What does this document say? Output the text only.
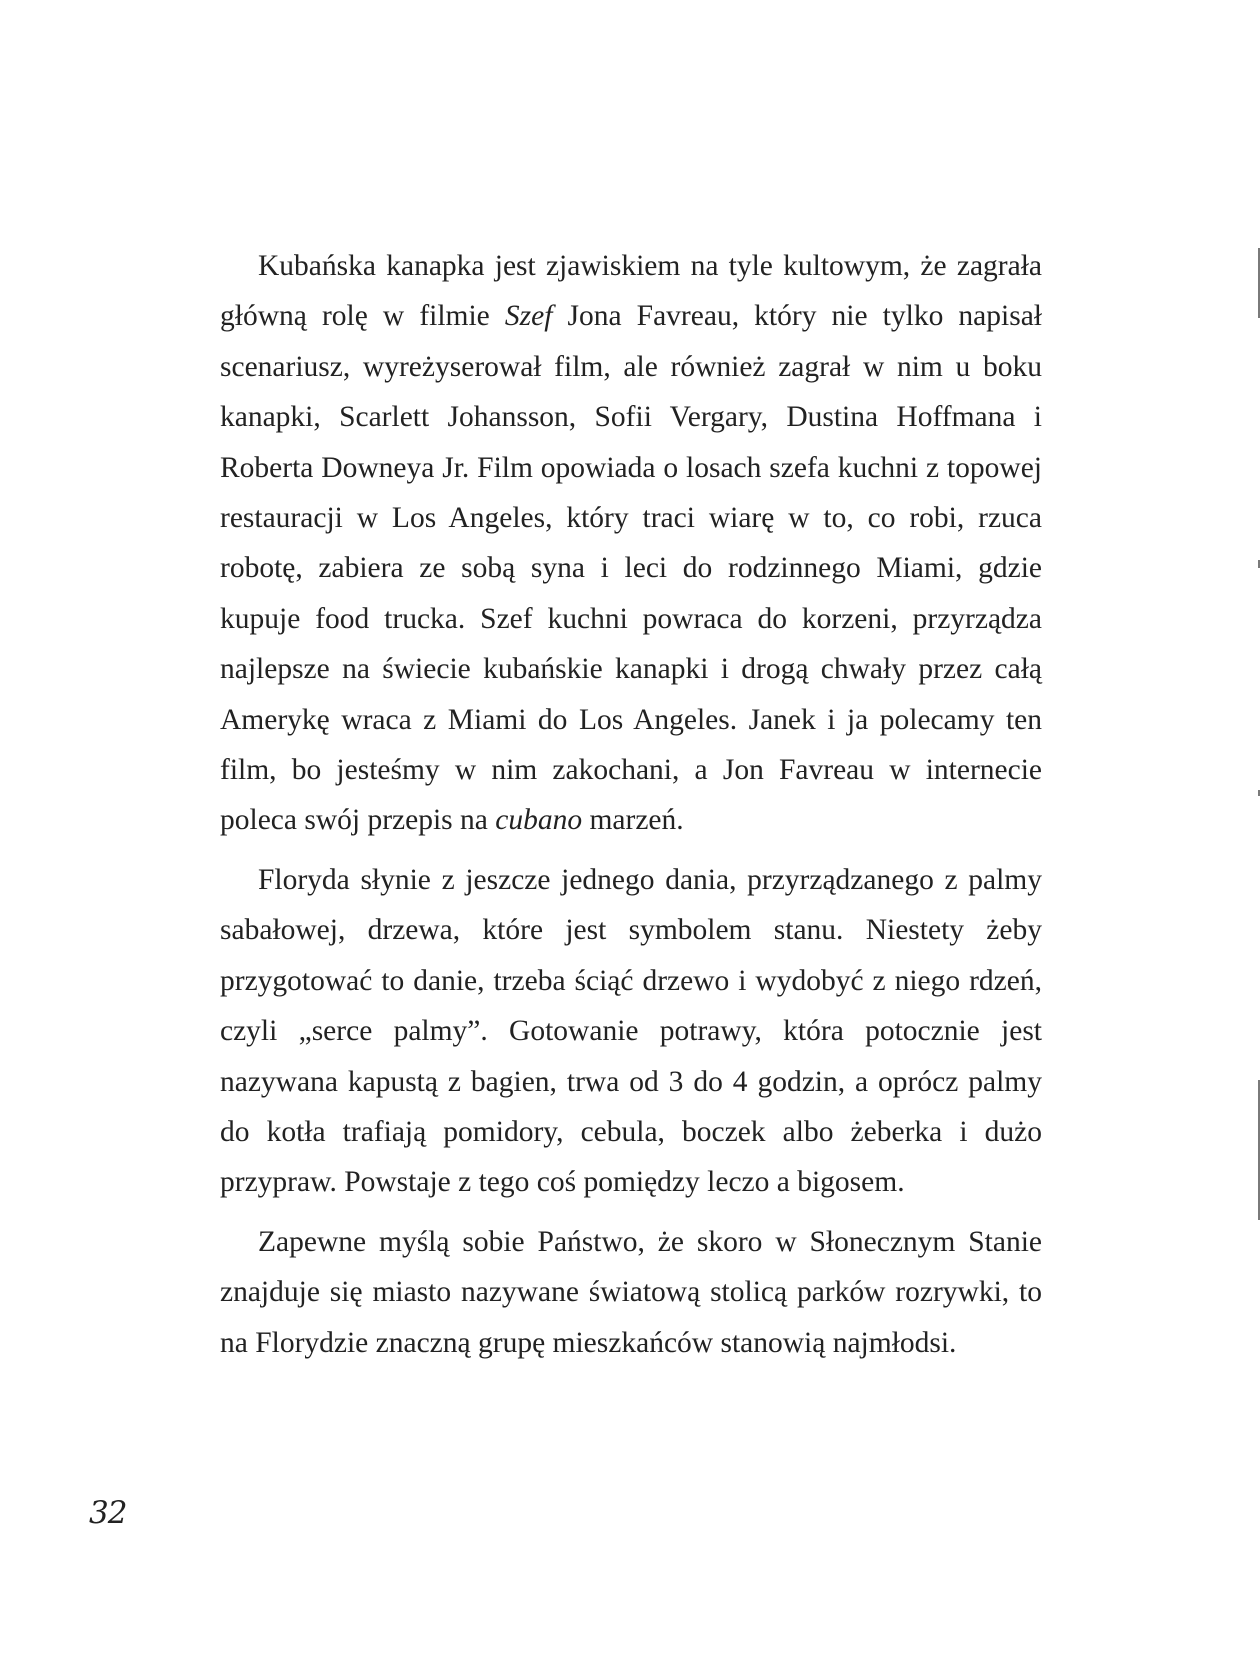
Kubańska kanapka jest zjawiskiem na tyle kultowym, że zagrała główną rolę w filmie Szef Jona Favreau, który nie tylko napisał scenariusz, wyreżyserował film, ale również zagrał w nim u boku kanapki, Scarlett Johansson, Sofii Vergary, Dustina Hoffmana i Roberta Downeya Jr. Film opowiada o losach szefa kuchni z topowej restauracji w Los Angeles, który traci wiarę w to, co robi, rzuca robotę, zabiera ze sobą syna i leci do rodzinnego Miami, gdzie kupuje food trucka. Szef kuchni powraca do korzeni, przyrządza najlepsze na świecie kubańskie kanapki i drogą chwały przez całą Amerykę wraca z Miami do Los Angeles. Janek i ja polecamy ten film, bo jesteśmy w nim zakochani, a Jon Favreau w internecie poleca swój przepis na cubano marzeń.

Floryda słynie z jeszcze jednego dania, przyrządzanego z palmy sabałowej, drzewa, które jest symbolem stanu. Niestety żeby przygotować to danie, trzeba ściąć drzewo i wydobyć z niego rdzeń, czyli „serce palmy”. Gotowanie potrawy, która potocznie jest nazywana kapustą z bagien, trwa od 3 do 4 godzin, a oprócz palmy do kotła trafiają pomidory, cebula, boczek albo żeberka i dużo przypraw. Powstaje z tego coś pomiędzy leczo a bigosem.

Zapewne myślą sobie Państwo, że skoro w Słonecznym Stanie znajduje się miasto nazywane światową stolicą parków rozrywki, to na Florydzie znaczną grupę mieszkańców stanowią najmłodsi.

32
